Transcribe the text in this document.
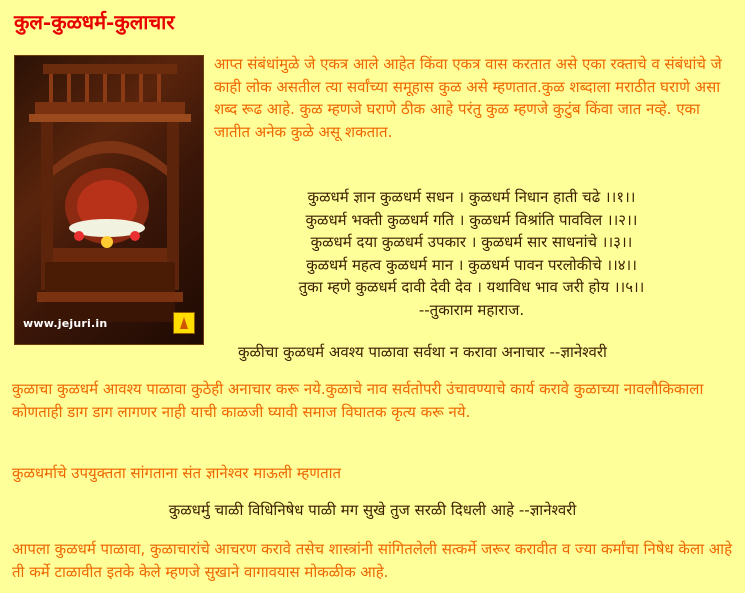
कुल-कुळधर्म-कुलाचार
www.jejuri.in
आप्त संबंधांमुळे जे एकत्र आले आहेत किंवा एकत्र वास करतात असे एका रक्ताचे व संबंधांचे जे काही लोक असतील त्या सर्वांच्या समूहास कुळ असे म्हणतात.कुळ शब्दाला मराठीत घराणे असा शब्द रूढ आहे. कुळ म्हणजे घराणे ठीक आहे परंतु कुळ म्हणजे कुटुंब किंवा जात नव्हे. एका जातीत अनेक कुळे असू शकतात.
कुळधर्म ज्ञान कुळधर्म सधन । कुळधर्म निधान हाती चढे ।।१।।
कुळधर्म भक्ती कुळधर्म गति । कुळधर्म विश्रांति पावविल ।।२।।
कुळधर्म दया कुळधर्म उपकार । कुळधर्म सार साधनांचे ।।३।।
कुळधर्म महत्व कुळधर्म मान । कुळधर्म पावन परलोकीचे ।।४।।
तुका म्हणे कुळधर्म दावी देवी देव । यथाविध भाव जरी होय ।।५।।
--तुकाराम महाराज.
कुळीचा कुळधर्म अवश्य पाळावा सर्वथा न करावा अनाचार --ज्ञानेश्वरी
कुळाचा कुळधर्म आवश्य पाळावा कुठेही अनाचार करू नये.कुळाचे नाव सर्वतोपरी उंचावण्याचे कार्य करावे कुळाच्या नावलौकिकाला कोणताही डाग डाग लागणर नाही याची काळजी घ्यावी समाज विघातक कृत्य करू नये.
कुळधर्माचे उपयुक्तता सांगताना संत ज्ञानेश्वर माऊली म्हणतात
कुळधर्मु चाळी विधिनिषेध पाळी मग सुखे तुज सरळी दिधली आहे --ज्ञानेश्वरी
आपला कुळधर्म पाळावा, कुळाचारांचे आचरण करावे तसेच शास्त्रांनी सांगितलेली सत्कर्मे जरूर करावीत व ज्या कर्मांचा निषेध केला आहे ती कर्मे टाळावीत इतके केले म्हणजे सुखाने वागावयास मोकळीक आहे.
